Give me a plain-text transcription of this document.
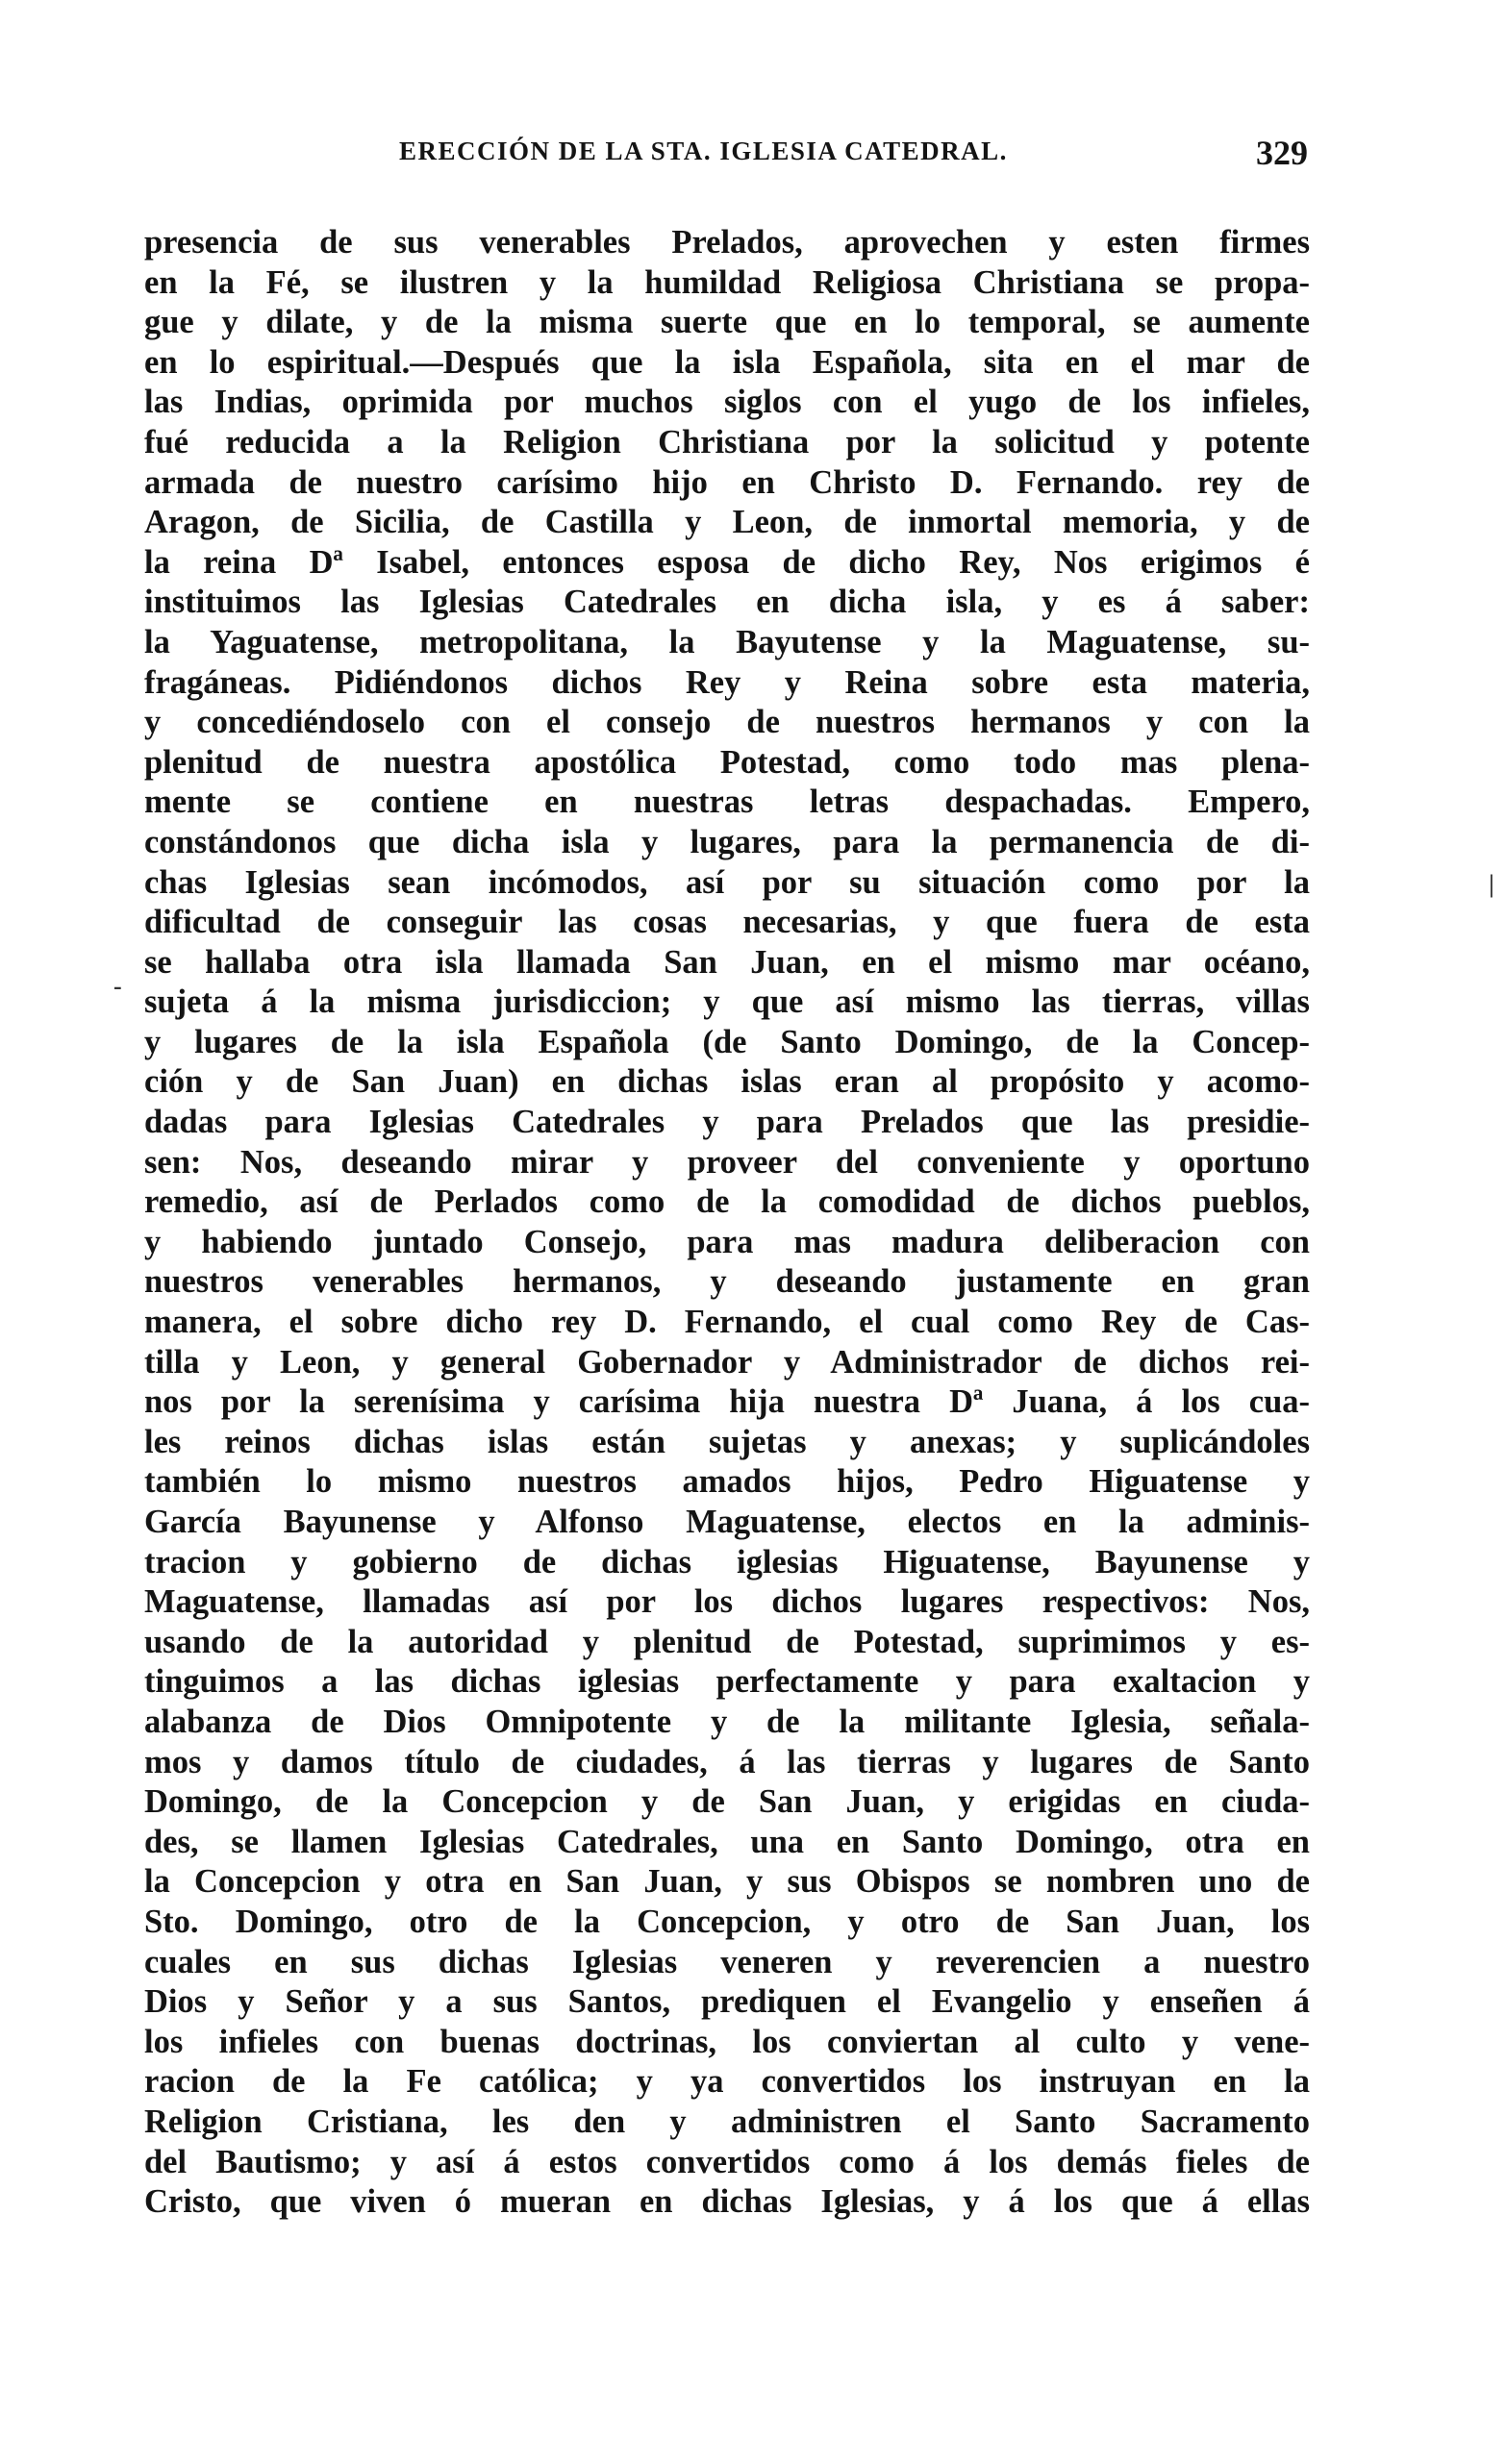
ERECCIÓN DE LA STA. IGLESIA CATEDRAL.	329
-
|
presencia de sus venerables Prelados, aprovechen y esten firmes
en la Fé, se ilustren y la humildad Religiosa Christiana se propa-
gue y dilate, y de la misma suerte que en lo temporal, se aumente
en lo espiritual.—Después que la isla Española, sita en el mar de
las Indias, oprimida por muchos siglos con el yugo de los infieles,
fué reducida a la Religion Christiana por la solicitud y potente
armada de nuestro carísimo hijo en Christo D. Fernando. rey de
Aragon, de Sicilia, de Castilla y Leon, de inmortal memoria, y de
la reina Dª Isabel, entonces esposa de dicho Rey, Nos erigimos é
instituimos las Iglesias Catedrales en dicha isla, y es á saber:
la Yaguatense, metropolitana, la Bayutense y la Maguatense, su-
fragáneas. Pidiéndonos dichos Rey y Reina sobre esta materia,
y concediéndoselo con el consejo de nuestros hermanos y con la
plenitud de nuestra apostólica Potestad, como todo mas plena-
mente se contiene en nuestras letras despachadas. Empero,
constándonos que dicha isla y lugares, para la permanencia de di-
chas Iglesias sean incómodos, así por su situación como por la
dificultad de conseguir las cosas necesarias, y que fuera de esta
se hallaba otra isla llamada San Juan, en el mismo mar océano,
sujeta á la misma jurisdiccion; y que así mismo las tierras, villas
y lugares de la isla Española (de Santo Domingo, de la Concep-
ción y de San Juan) en dichas islas eran al propósito y acomo-
dadas para Iglesias Catedrales y para Prelados que las presidie-
sen: Nos, deseando mirar y proveer del conveniente y oportuno
remedio, así de Perlados como de la comodidad de dichos pueblos,
y habiendo juntado Consejo, para mas madura deliberacion con
nuestros venerables hermanos, y deseando justamente en gran
manera, el sobre dicho rey D. Fernando, el cual como Rey de Cas-
tilla y Leon, y general Gobernador y Administrador de dichos rei-
nos por la serenísima y carísima hija nuestra Dª Juana, á los cua-
les reinos dichas islas están sujetas y anexas; y suplicándoles
también lo mismo nuestros amados hijos, Pedro Higuatense y
García Bayunense y Alfonso Maguatense, electos en la adminis-
tracion y gobierno de dichas iglesias Higuatense, Bayunense y
Maguatense, llamadas así por los dichos lugares respectivos: Nos,
usando de la autoridad y plenitud de Potestad, suprimimos y es-
tinguimos a las dichas iglesias perfectamente y para exaltacion y
alabanza de Dios Omnipotente y de la militante Iglesia, señala-
mos y damos título de ciudades, á las tierras y lugares de Santo
Domingo, de la Concepcion y de San Juan, y erigidas en ciuda-
des, se llamen Iglesias Catedrales, una en Santo Domingo, otra en
la Concepcion y otra en San Juan, y sus Obispos se nombren uno de
Sto. Domingo, otro de la Concepcion, y otro de San Juan, los
cuales en sus dichas Iglesias veneren y reverencien a nuestro
Dios y Señor y a sus Santos, prediquen el Evangelio y enseñen á
los infieles con buenas doctrinas, los conviertan al culto y vene-
racion de la Fe católica; y ya convertidos los instruyan en la
Religion Cristiana, les den y administren el Santo Sacramento
del Bautismo; y así á estos convertidos como á los demás fieles de
Cristo, que viven ó mueran en dichas Iglesias, y á los que á ellas
